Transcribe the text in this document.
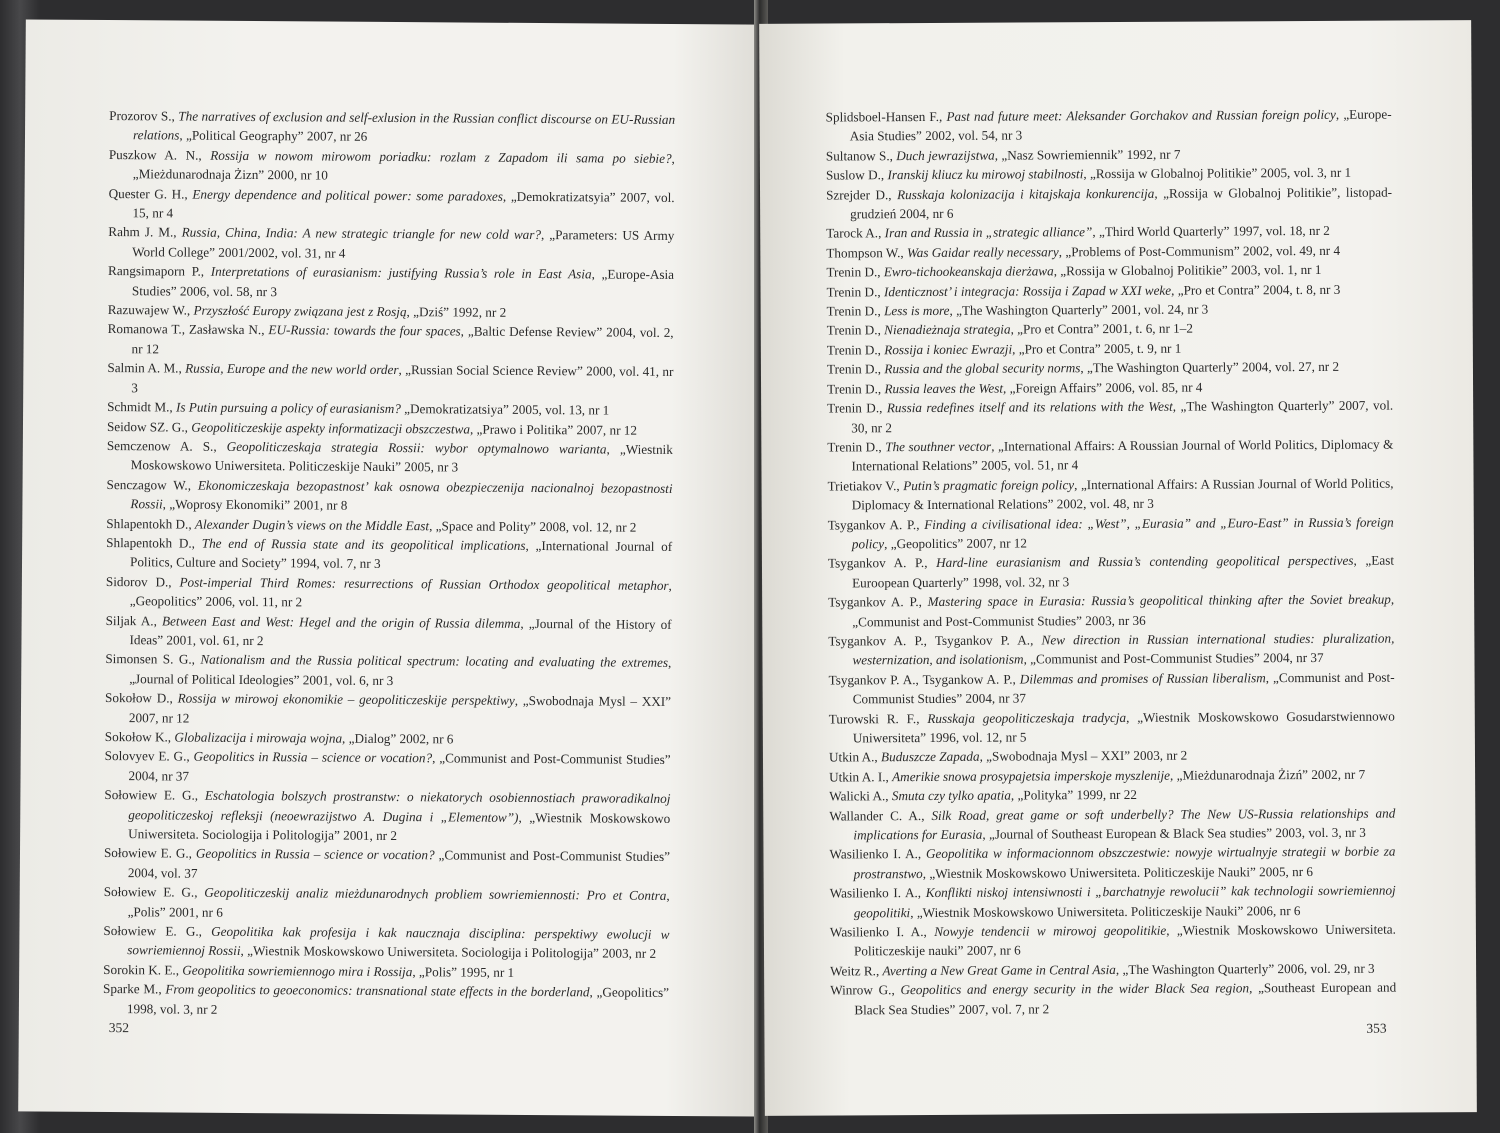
Prozorov S., The narratives of exclusion and self-exlusion in the Russian conflict discourse on EU-Russian relations, „Political Geography” 2007, nr 26
Puszkow A. N., Rossija w nowom mirowom poriadku: rozlam z Zapadom ili sama po siebie?, „Mieżdunarodnaja Żizn” 2000, nr 10
Quester G. H., Energy dependence and political power: some paradoxes, „Demokratizatsyia” 2007, vol. 15, nr 4
Rahm J. M., Russia, China, India: A new strategic triangle for new cold war?, „Parameters: US Army World College” 2001/2002, vol. 31, nr 4
Rangsimaporn P., Interpretations of eurasianism: justifying Russia’s role in East Asia, „Europe-Asia Studies” 2006, vol. 58, nr 3
Razuwajew W., Przyszłość Europy związana jest z Rosją, „Dziś” 1992, nr 2
Romanowa T., Zasławska N., EU-Russia: towards the four spaces, „Baltic Defense Review” 2004, vol. 2, nr 12
Salmin A. M., Russia, Europe and the new world order, „Russian Social Science Review” 2000, vol. 41, nr 3
Schmidt M., Is Putin pursuing a policy of eurasianism? „Demokratizatsiya” 2005, vol. 13, nr 1
Seidow SZ. G., Geopoliticzeskije aspekty informatizacji obszczestwa, „Prawo i Politika” 2007, nr 12
Semczenow A. S., Geopoliticzeskaja strategia Rossii: wybor optymalnowo warianta, „Wiestnik Moskowskowo Uniwersiteta. Politiczeskije Nauki” 2005, nr 3
Senczagow W., Ekonomiczeskaja bezopastnost’ kak osnowa obezpieczenija nacionalnoj bezopastnosti Rossii, „Woprosy Ekonomiki” 2001, nr 8
Shlapentokh D., Alexander Dugin’s views on the Middle East, „Space and Polity” 2008, vol. 12, nr 2
Shlapentokh D., The end of Russia state and its geopolitical implications, „International Journal of Politics, Culture and Society” 1994, vol. 7, nr 3
Sidorov D., Post-imperial Third Romes: resurrections of Russian Orthodox geopolitical metaphor, „Geopolitics” 2006, vol. 11, nr 2
Siljak A., Between East and West: Hegel and the origin of Russia dilemma, „Journal of the History of Ideas” 2001, vol. 61, nr 2
Simonsen S. G., Nationalism and the Russia political spectrum: locating and evaluating the extremes, „Journal of Political Ideologies” 2001, vol. 6, nr 3
Sokołow D., Rossija w mirowoj ekonomikie – geopoliticzeskije perspektiwy, „Swobodnaja Mysl – XXI” 2007, nr 12
Sokołow K., Globalizacija i mirowaja wojna, „Dialog” 2002, nr 6
Solovyev E. G., Geopolitics in Russia – science or vocation?, „Communist and Post-Communist Studies” 2004, nr 37
Sołowiew E. G., Eschatologia bolszych prostranstw: o niekatorych osobiennostiach praworadikalnoj geopoliticzeskoj refleksji (neoewrazijstwo A. Dugina i „Elementow”), „Wiestnik Moskowskowo Uniwersiteta. Sociologija i Politologija” 2001, nr 2
Sołowiew E. G., Geopolitics in Russia – science or vocation? „Communist and Post-Communist Studies” 2004, vol. 37
Sołowiew E. G., Geopoliticzeskij analiz mieżdunarodnych probliem sowriemiennosti: Pro et Contra, „Polis” 2001, nr 6
Sołowiew E. G., Geopolitika kak profesija i kak naucznaja disciplina: perspektiwy ewolucji w sowriemiennoj Rossii, „Wiestnik Moskowskowo Uniwersiteta. Sociologija i Politologija” 2003, nr 2
Sorokin K. E., Geopolitika sowriemiennogo mira i Rossija, „Polis” 1995, nr 1
Sparke M., From geopolitics to geoeconomics: transnational state effects in the borderland, „Geopolitics” 1998, vol. 3, nr 2
352
Splidsboel-Hansen F., Past nad future meet: Aleksander Gorchakov and Russian foreign policy, „Europe-Asia Studies” 2002, vol. 54, nr 3
Sultanow S., Duch jewrazijstwa, „Nasz Sowriemiennik” 1992, nr 7
Suslow D., Iranskij kliucz ku mirowoj stabilnosti, „Rossija w Globalnoj Politikie” 2005, vol. 3, nr 1
Szrejder D., Russkaja kolonizacija i kitajskaja konkurencija, „Rossija w Globalnoj Politikie”, listopad-grudzień 2004, nr 6
Tarock A., Iran and Russia in „strategic alliance”, „Third World Quarterly” 1997, vol. 18, nr 2
Thompson W., Was Gaidar really necessary, „Problems of Post-Communism” 2002, vol. 49, nr 4
Trenin D., Ewro-tichookeanskaja dierżawa, „Rossija w Globalnoj Politikie” 2003, vol. 1, nr 1
Trenin D., Identicznost’ i integracja: Rossija i Zapad w XXI weke, „Pro et Contra” 2004, t. 8, nr 3
Trenin D., Less is more, „The Washington Quarterly” 2001, vol. 24, nr 3
Trenin D., Nienadieżnaja strategia, „Pro et Contra” 2001, t. 6, nr 1–2
Trenin D., Rossija i koniec Ewrazji, „Pro et Contra” 2005, t. 9, nr 1
Trenin D., Russia and the global security norms, „The Washington Quarterly” 2004, vol. 27, nr 2
Trenin D., Russia leaves the West, „Foreign Affairs” 2006, vol. 85, nr 4
Trenin D., Russia redefines itself and its relations with the West, „The Washington Quarterly” 2007, vol. 30, nr 2
Trenin D., The southner vector, „International Affairs: A Roussian Journal of World Politics, Diplomacy & International Relations” 2005, vol. 51, nr 4
Trietiakov V., Putin’s pragmatic foreign policy, „International Affairs: A Russian Journal of World Politics, Diplomacy & International Relations” 2002, vol. 48, nr 3
Tsygankov A. P., Finding a civilisational idea: „West”, „Eurasia” and „Euro-East” in Russia’s foreign policy, „Geopolitics” 2007, nr 12
Tsygankov A. P., Hard-line eurasianism and Russia’s contending geopolitical perspectives, „East Euroopean Quarterly” 1998, vol. 32, nr 3
Tsygankov A. P., Mastering space in Eurasia: Russia’s geopolitical thinking after the Soviet breakup, „Communist and Post-Communist Studies” 2003, nr 36
Tsygankov A. P., Tsygankov P. A., New direction in Russian international studies: pluralization, westernization, and isolationism, „Communist and Post-Communist Studies” 2004, nr 37
Tsygankov P. A., Tsygankow A. P., Dilemmas and promises of Russian liberalism, „Communist and Post-Communist Studies” 2004, nr 37
Turowski R. F., Russkaja geopoliticzeskaja tradycja, „Wiestnik Moskowskowo Gosudarstwiennowo Uniwersiteta” 1996, vol. 12, nr 5
Utkin A., Buduszcze Zapada, „Swobodnaja Mysl – XXI” 2003, nr 2
Utkin A. I., Amerikie snowa prosypajetsia imperskoje myszlenije, „Mieżdunarodnaja Żizń” 2002, nr 7
Walicki A., Smuta czy tylko apatia, „Polityka” 1999, nr 22
Wallander C. A., Silk Road, great game or soft underbelly? The New US-Russia relationships and implications for Eurasia, „Journal of Southeast European & Black Sea studies” 2003, vol. 3, nr 3
Wasilienko I. A., Geopolitika w informacionnom obszczestwie: nowyje wirtualnyje strategii w borbie za prostranstwo, „Wiestnik Moskowskowo Uniwersiteta. Politiczeskije Nauki” 2005, nr 6
Wasilienko I. A., Konflikti niskoj intensiwnosti i „barchatnyje rewolucii” kak technologii sowriemiennoj geopolitiki, „Wiestnik Moskowskowo Uniwersiteta. Politiczeskije Nauki” 2006, nr 6
Wasilienko I. A., Nowyje tendencii w mirowoj geopolitikie, „Wiestnik Moskowskowo Uniwersiteta. Politiczeskije nauki” 2007, nr 6
Weitz R., Averting a New Great Game in Central Asia, „The Washington Quarterly” 2006, vol. 29, nr 3
Winrow G., Geopolitics and energy security in the wider Black Sea region, „Southeast European and Black Sea Studies” 2007, vol. 7, nr 2
353
